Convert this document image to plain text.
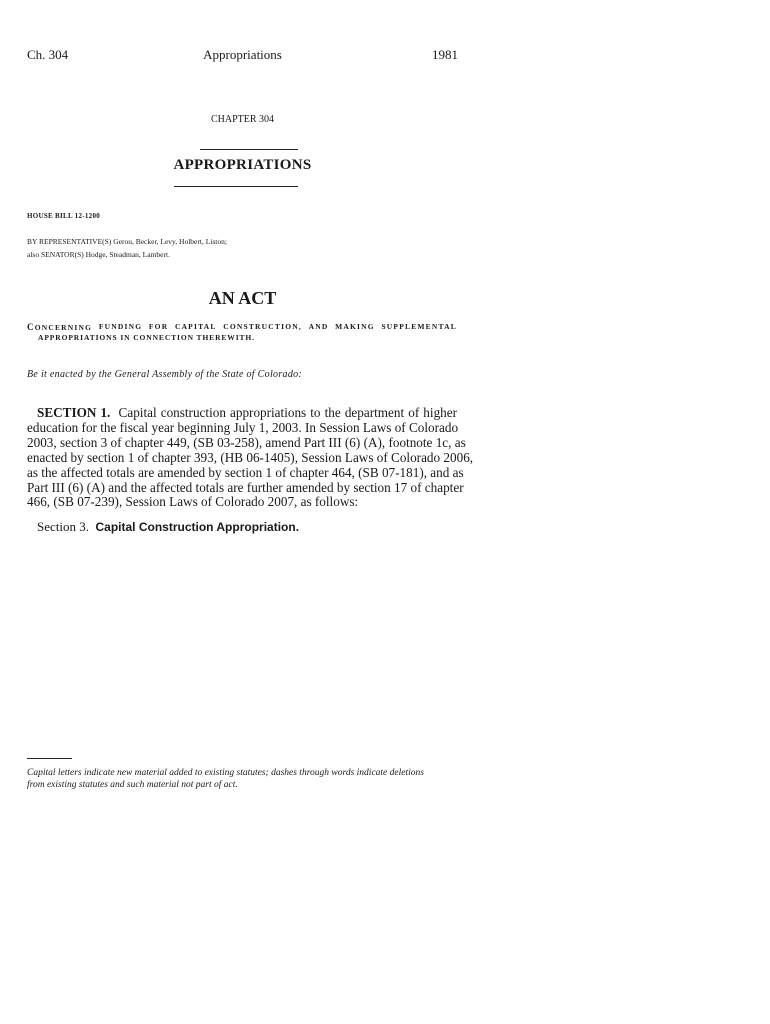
Ch. 304	Appropriations	1981
CHAPTER 304
APPROPRIATIONS
HOUSE BILL 12-1200
BY REPRESENTATIVE(S) Gerou, Becker, Levy, Holbert, Liston;
also SENATOR(S) Hodge, Steadman, Lambert.
AN ACT
CONCERNING FUNDING FOR CAPITAL CONSTRUCTION, AND MAKING SUPPLEMENTAL
APPROPRIATIONS IN CONNECTION THEREWITH.
Be it enacted by the General Assembly of the State of Colorado:
SECTION 1. Capital construction appropriations to the department of higher
education for the fiscal year beginning July 1, 2003. In Session Laws of Colorado
2003, section 3 of chapter 449, (SB 03-258), amend Part III (6) (A), footnote 1c, as
enacted by section 1 of chapter 393, (HB 06-1405), Session Laws of Colorado 2006,
as the affected totals are amended by section 1 of chapter 464, (SB 07-181), and as
Part III (6) (A) and the affected totals are further amended by section 17 of chapter
466, (SB 07-239), Session Laws of Colorado 2007, as follows:
Section 3. Capital Construction Appropriation.
Capital letters indicate new material added to existing statutes; dashes through words indicate deletions
from existing statutes and such material not part of act.
